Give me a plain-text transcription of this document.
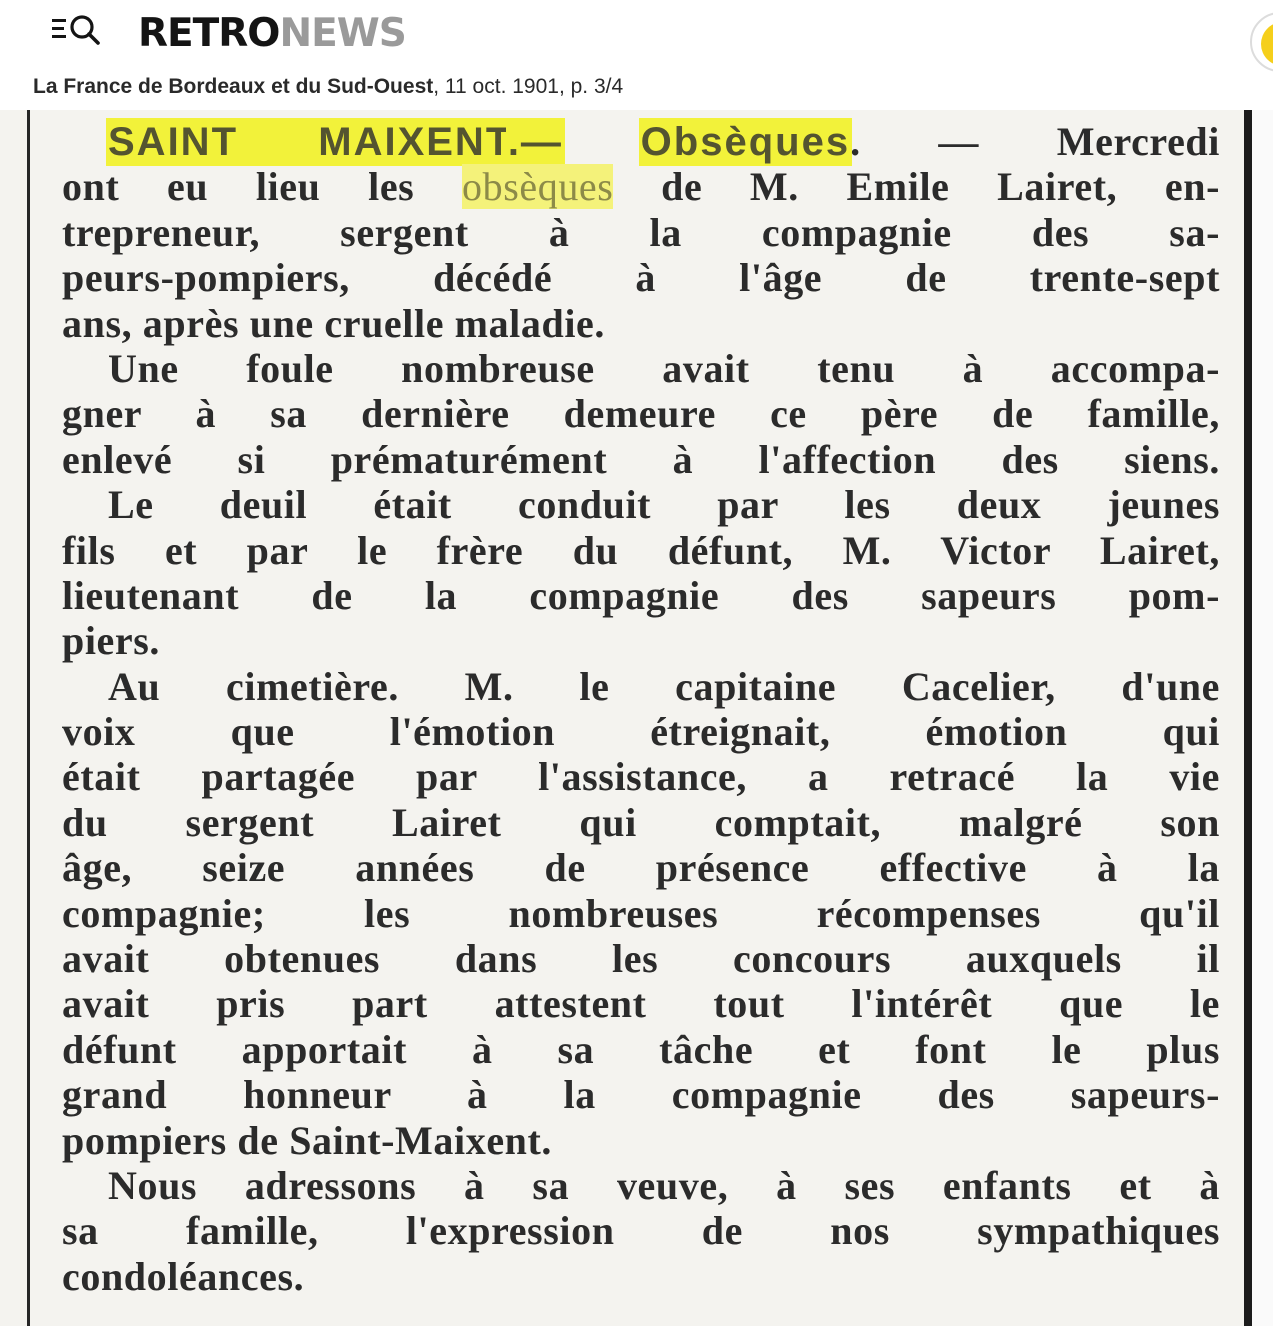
RETRONEWS
La France de Bordeaux et du Sud-Ouest, 11 oct. 1901, p. 3/4
SAINT MAIXENT.— Obsèques. — Mercredi
ont eu lieu les obsèques de M. Emile Lairet, en-
trepreneur, sergent à la compagnie des sa-
peurs-pompiers, décédé à l'âge de trente-sept
ans, après une cruelle maladie.
Une foule nombreuse avait tenu à accompa-
gner à sa dernière demeure ce père de famille,
enlevé si prématurément à l'affection des siens.
Le deuil était conduit par les deux jeunes
fils et par le frère du défunt, M. Victor Lairet,
lieutenant de la compagnie des sapeurs pom-
piers.
Au cimetière. M. le capitaine Cacelier, d'une
voix que l'émotion étreignait, émotion qui
était partagée par l'assistance, a retracé la vie
du sergent Lairet qui comptait, malgré son
âge, seize années de présence effective à la
compagnie; les nombreuses récompenses qu'il
avait obtenues dans les concours auxquels il
avait pris part attestent tout l'intérêt que le
défunt apportait à sa tâche et font le plus
grand honneur à la compagnie des sapeurs-
pompiers de Saint-Maixent.
Nous adressons à sa veuve, à ses enfants et à
sa famille, l'expression de nos sympathiques
condoléances.
